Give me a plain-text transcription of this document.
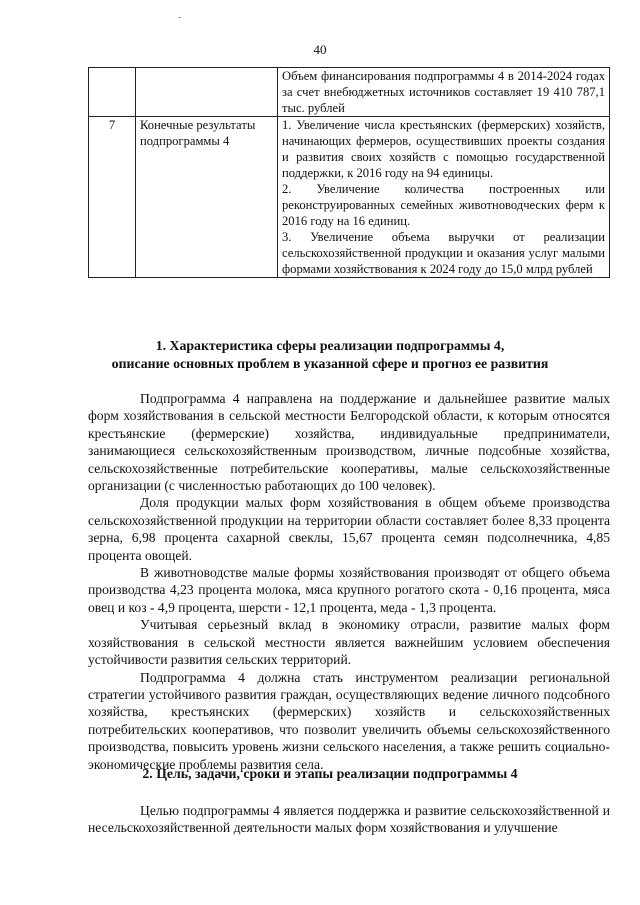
-
40
		Объем финансирования подпрограммы 4 в 2014-2024 годах за счет внебюджетных источников составляет 19 410 787,1 тыс. рублей
7	Конечные результаты подпрограммы 4	1. Увеличение числа крестьянских (фермерских) хозяйств, начинающих фермеров, осуществивших проекты создания и развития своих хозяйств с помощью государственной поддержки, к 2016 году на 94 единицы.
2. Увеличение количества построенных или реконструированных семейных животноводческих ферм к 2016 году на 16 единиц.
3. Увеличение объема выручки от реализации сельскохозяйственной продукции и оказания услуг малыми формами хозяйствования к 2024 году до 15,0 млрд рублей
1. Характеристика сферы реализации подпрограммы 4,
описание основных проблем в указанной сфере и прогноз ее развития

Подпрограмма 4 направлена на поддержание и дальнейшее развитие малых форм хозяйствования в сельской местности Белгородской области, к которым относятся крестьянские (фермерские) хозяйства, индивидуальные предприниматели, занимающиеся сельскохозяйственным производством, личные подсобные хозяйства, сельскохозяйственные потребительские кооперативы, малые сельскохозяйственные организации (с численностью работающих до 100 человек).

Доля продукции малых форм хозяйствования в общем объеме производства сельскохозяйственной продукции на территории области составляет более 8,33 процента зерна, 6,98 процента сахарной свеклы, 15,67 процента семян подсолнечника, 4,85 процента овощей.

В животноводстве малые формы хозяйствования производят от общего объема производства 4,23 процента молока, мяса крупного рогатого скота - 0,16 процента, мяса овец и коз - 4,9 процента, шерсти - 12,1 процента, меда - 1,3 процента.

Учитывая серьезный вклад в экономику отрасли, развитие малых форм хозяйствования в сельской местности является важнейшим условием обеспечения устойчивости развития сельских территорий.

Подпрограмма 4 должна стать инструментом реализации региональной стратегии устойчивого развития граждан, осуществляющих ведение личного подсобного хозяйства, крестьянских (фермерских) хозяйств и сельскохозяйственных потребительских кооперативов, что позволит увеличить объемы сельскохозяйственного производства, повысить уровень жизни сельского населения, а также решить социально-экономические проблемы развития села.

2. Цель, задачи, сроки и этапы реализации подпрограммы 4

Целью подпрограммы 4 является поддержка и развитие сельскохозяйственной и несельскохозяйственной деятельности малых форм хозяйствования и улучшение
